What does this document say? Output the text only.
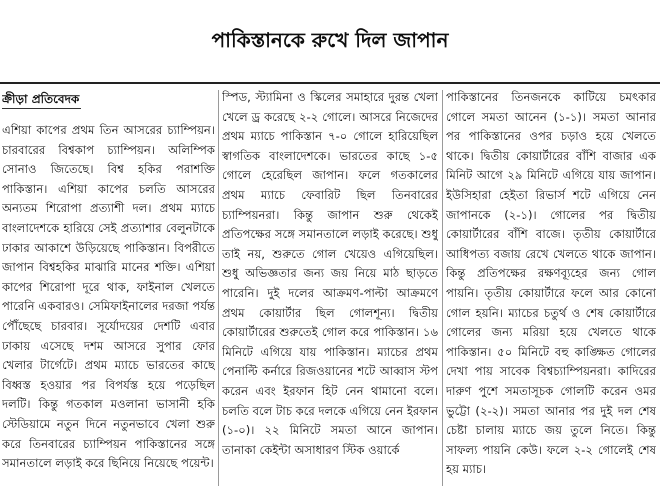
পাকিস্তানকে রুখে দিল জাপান
ক্রীড়া প্রতিবেদক

এশিয়া কাপের প্রথম তিন আসরের চ্যাম্পিয়ন। চারবারের বিশ্বকাপ চ্যাম্পিয়ন। অলিম্পিক সোনাও জিতেছে। বিশ্ব হকির পরাশক্তি পাকিস্তান। এশিয়া কাপের চলতি আসরের অন্যতম শিরোপা প্রত্যাশী দল। প্রথম ম্যাচে বাংলাদেশকে হারিয়ে সেই প্রত্যাশার বেলুনটাকে ঢাকার আকাশে উড়িয়েছে পাকিস্তান। বিপরীতে জাপান বিশ্বহকির মাঝারি মানের শক্তি। এশিয়া কাপের শিরোপা দূরে থাক, ফাইনাল খেলতে পারেনি একবারও। সেমিফাইনালের দরজা পর্যন্ত পৌঁছেছে চারবার। সূর্যোদয়ের দেশটি এবার ঢাকায় এসেছে দশম আসরে সুপার ফোর খেলার টার্গেটে। প্রথম ম্যাচে ভারতের কাছে বিধ্বস্ত হওয়ার পর বিপর্যস্ত হয়ে পড়েছিল দলটি। কিন্তু গতকাল মওলানা ভাসানী হকি স্টেডিয়ামে নতুন দিনে নতুনভাবে খেলা শুরু করে তিনবারের চ্যাম্পিয়ন পাকিস্তানের সঙ্গে সমানতালে লড়াই করে ছিনিয়ে নিয়েছে পয়েন্ট।

স্পিড, স্ট্যামিনা ও স্কিলের সমাহারে দুরন্ত খেলা খেলে ড্র করেছে ২-২ গোলে। আসরে নিজেদের প্রথম ম্যাচে পাকিস্তান ৭-০ গোলে হারিয়েছিল স্বাগতিক বাংলাদেশকে। ভারতের কাছে ১-৫ গোলে হেরেছিল জাপান। ফলে গতকালের প্রথম ম্যাচে ফেবারিট ছিল তিনবারের চ্যাম্পিয়নরা। কিন্তু জাপান শুরু থেকেই প্রতিপক্ষের সঙ্গে সমানতালে লড়াই করেছে। শুধু তাই নয়, শুরুতে গোল খেয়েও এগিয়েছিল। শুধু অভিজ্ঞতার জন্য জয় নিয়ে মাঠ ছাড়তে পারেনি। দুই দলের আক্রমণ-পাল্টা আক্রমণে প্রথম কোয়ার্টার ছিল গোলশূন্য। দ্বিতীয় কোয়ার্টারের শুরুতেই গোল করে পাকিস্তান। ১৬ মিনিটে এগিয়ে যায় পাকিস্তান। ম্যাচের প্রথম পেনাল্টি কর্নারে রিজওয়ানের শটে আব্বাস স্টপ করেন এবং ইরফান হিট নেন থামানো বলে। চলতি বলে টাচ করে দলকে এগিয়ে নেন ইরফান (১-০)। ২২ মিনিটে সমতা আনে জাপান। তানাকা কেইন্টা অসাধারণ স্টিক ওয়ার্কে

পাকিস্তানের তিনজনকে কাটিয়ে চমৎকার গোলে সমতা আনেন (১-১)। সমতা আনার পর পাকিস্তানের ওপর চড়াও হয়ে খেলতে থাকে। দ্বিতীয় কোয়ার্টারের বাঁশি বাজার এক মিনিট আগে ২৯ মিনিটে এগিয়ে যায় জাপান। ইউসিহারা হেইতা রিভার্স শটে এগিয়ে নেন জাপানকে (২-১)। গোলের পর দ্বিতীয় কোয়ার্টারের বাঁশি বাজে। তৃতীয় কোয়ার্টারে আধিপত্য বজায় রেখে খেলতে থাকে জাপান। কিন্তু প্রতিপক্ষের রক্ষণব্যূহের জন্য গোল পায়নি। তৃতীয় কোয়ার্টারে ফলে আর কোনো গোল হয়নি। ম্যাচের চতুর্থ ও শেষ কোয়ার্টারে গোলের জন্য মরিয়া হয়ে খেলতে থাকে পাকিস্তান। ৫০ মিনিটে বহু কাঙ্ক্ষিত গোলের দেখা পায় সাবেক বিশ্বচ্যাম্পিয়নরা। কাদিরের দারুণ পুশে সমতাসূচক গোলটি করেন ওমর ভুট্টো (২-২)। সমতা আনার পর দুই দল শেষ চেষ্টা চালায় ম্যাচে জয় তুলে নিতে। কিন্তু সাফল্য পায়নি কেউ। ফলে ২-২ গোলেই শেষ হয় ম্যাচ।
